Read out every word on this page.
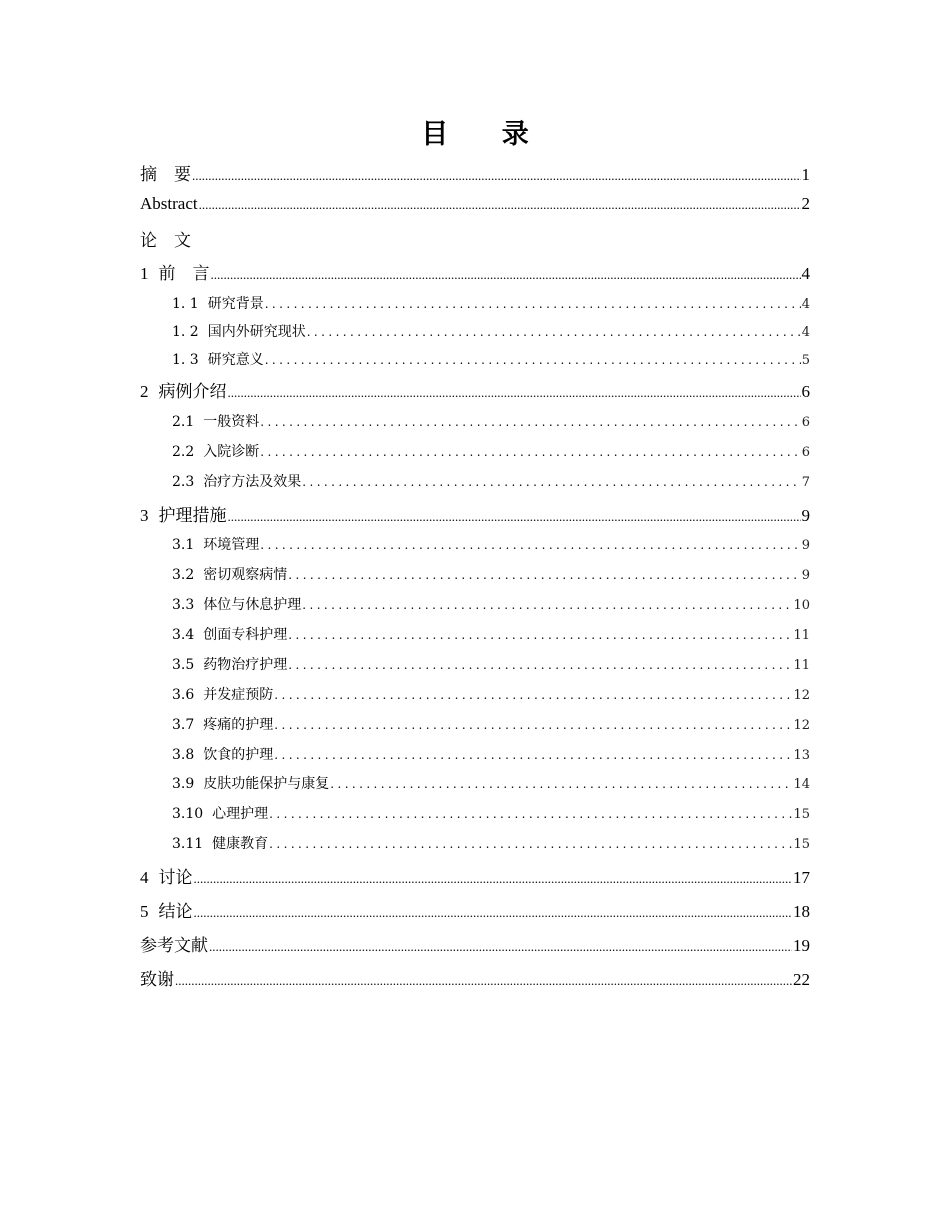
目 录
摘    要 .....	1
Abstract .....	2
论    文
1 前    言 .....	4
1. 1 研究背景 .....	4
1. 2 国内外研究现状 .....	4
1. 3 研究意义 .....	5
2 病例介绍 .....	6
2.1 一般资料 .....	6
2.2 入院诊断 .....	6
2.3 治疗方法及效果 .....	7
3 护理措施 .....	9
3.1 环境管理 .....	9
3.2 密切观察病情 .....	9
3.3 体位与休息护理 .....	10
3.4 创面专科护理 .....	11
3.5 药物治疗护理 .....	11
3.6 并发症预防 .....	12
3.7 疼痛的护理 .....	12
3.8 饮食的护理 .....	13
3.9 皮肤功能保护与康复 .....	14
3.10 心理护理 .....	15
3.11 健康教育 .....	15
4 讨论 .....	17
5 结论 .....	18
参考文献 .....	19
致谢 .....	22
